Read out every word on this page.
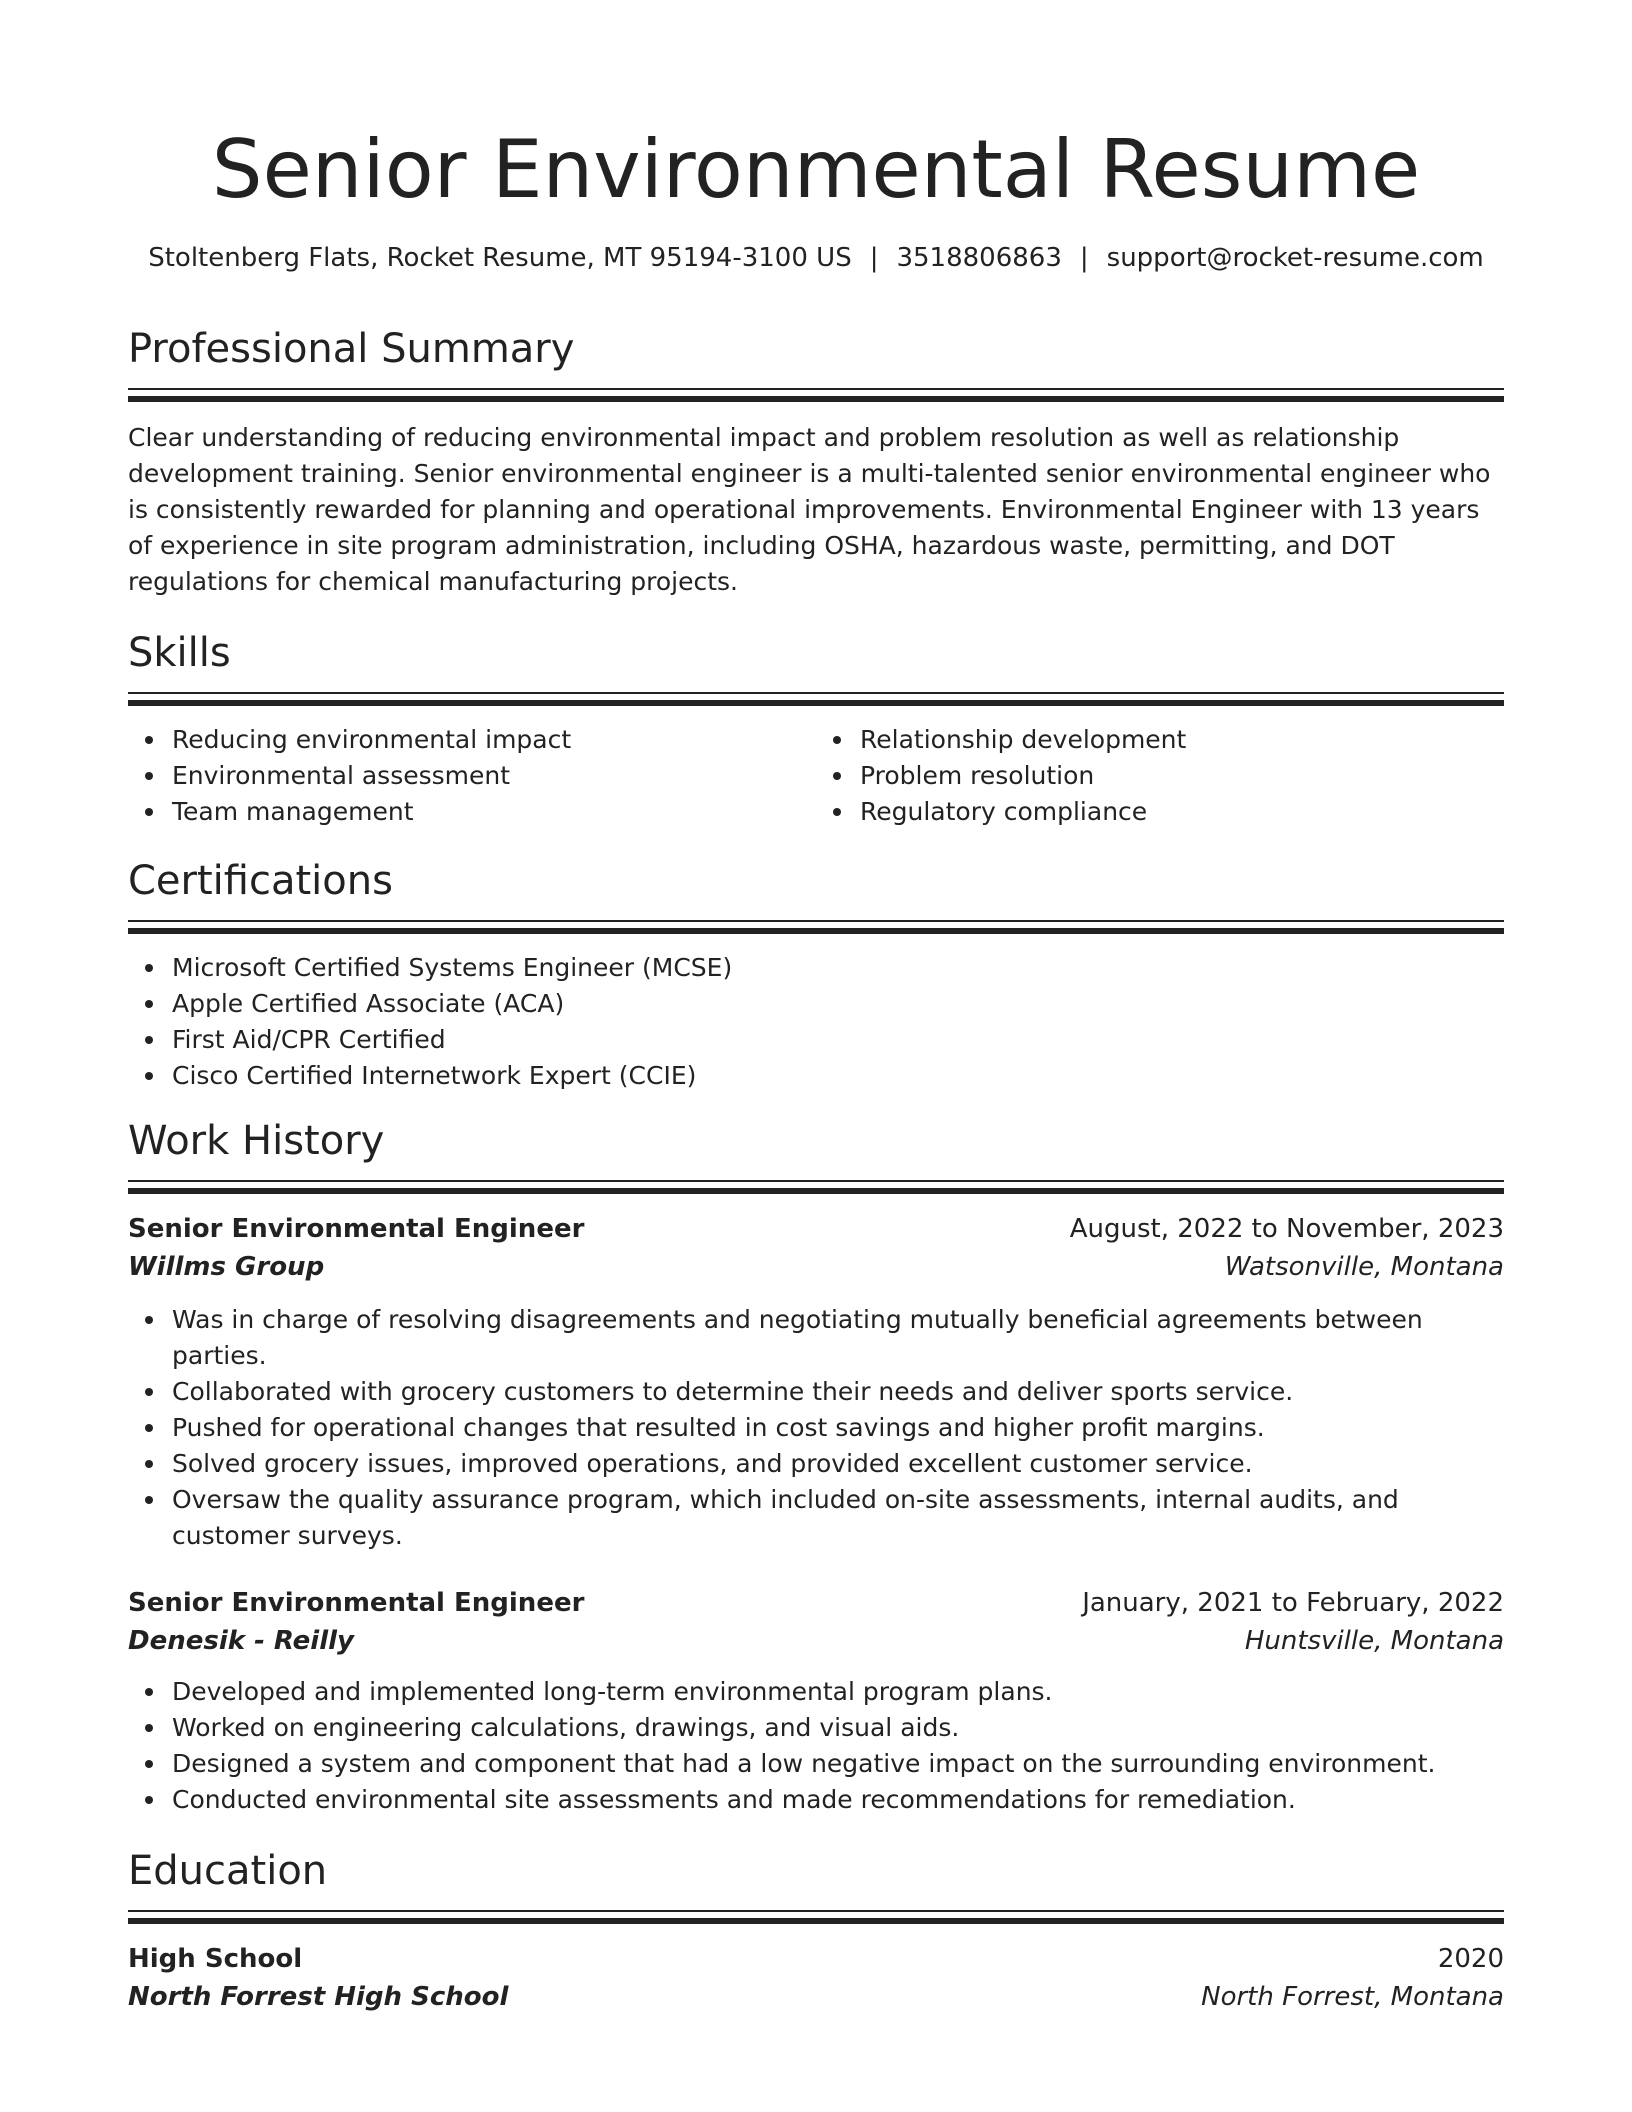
Senior Environmental Resume
Stoltenberg Flats, Rocket Resume, MT 95194-3100 US | 3518806863 | support@rocket-resume.com
Professional Summary

Clear understanding of reducing environmental impact and problem resolution as well as relationship development training. Senior environmental engineer is a multi-talented senior environmental engineer who is consistently rewarded for planning and operational improvements. Environmental Engineer with 13 years of experience in site program administration, including OSHA, hazardous waste, permitting, and DOT regulations for chemical manufacturing projects.

Skills
Reducing environmental impact
Environmental assessment
Team management
Relationship development
Problem resolution
Regulatory compliance
Certifications
Microsoft Certified Systems Engineer (MCSE)
Apple Certified Associate (ACA)
First Aid/CPR Certified
Cisco Certified Internetwork Expert (CCIE)
Work History
Senior Environmental Engineer	August, 2022 to November, 2023
Willms Group	Watsonville, Montana
Was in charge of resolving disagreements and negotiating mutually beneficial agreements between parties.
Collaborated with grocery customers to determine their needs and deliver sports service.
Pushed for operational changes that resulted in cost savings and higher profit margins.
Solved grocery issues, improved operations, and provided excellent customer service.
Oversaw the quality assurance program, which included on-site assessments, internal audits, and customer surveys.
Senior Environmental Engineer	January, 2021 to February, 2022
Denesik - Reilly	Huntsville, Montana
Developed and implemented long-term environmental program plans.
Worked on engineering calculations, drawings, and visual aids.
Designed a system and component that had a low negative impact on the surrounding environment.
Conducted environmental site assessments and made recommendations for remediation.
Education
High School	2020
North Forrest High School	North Forrest, Montana
